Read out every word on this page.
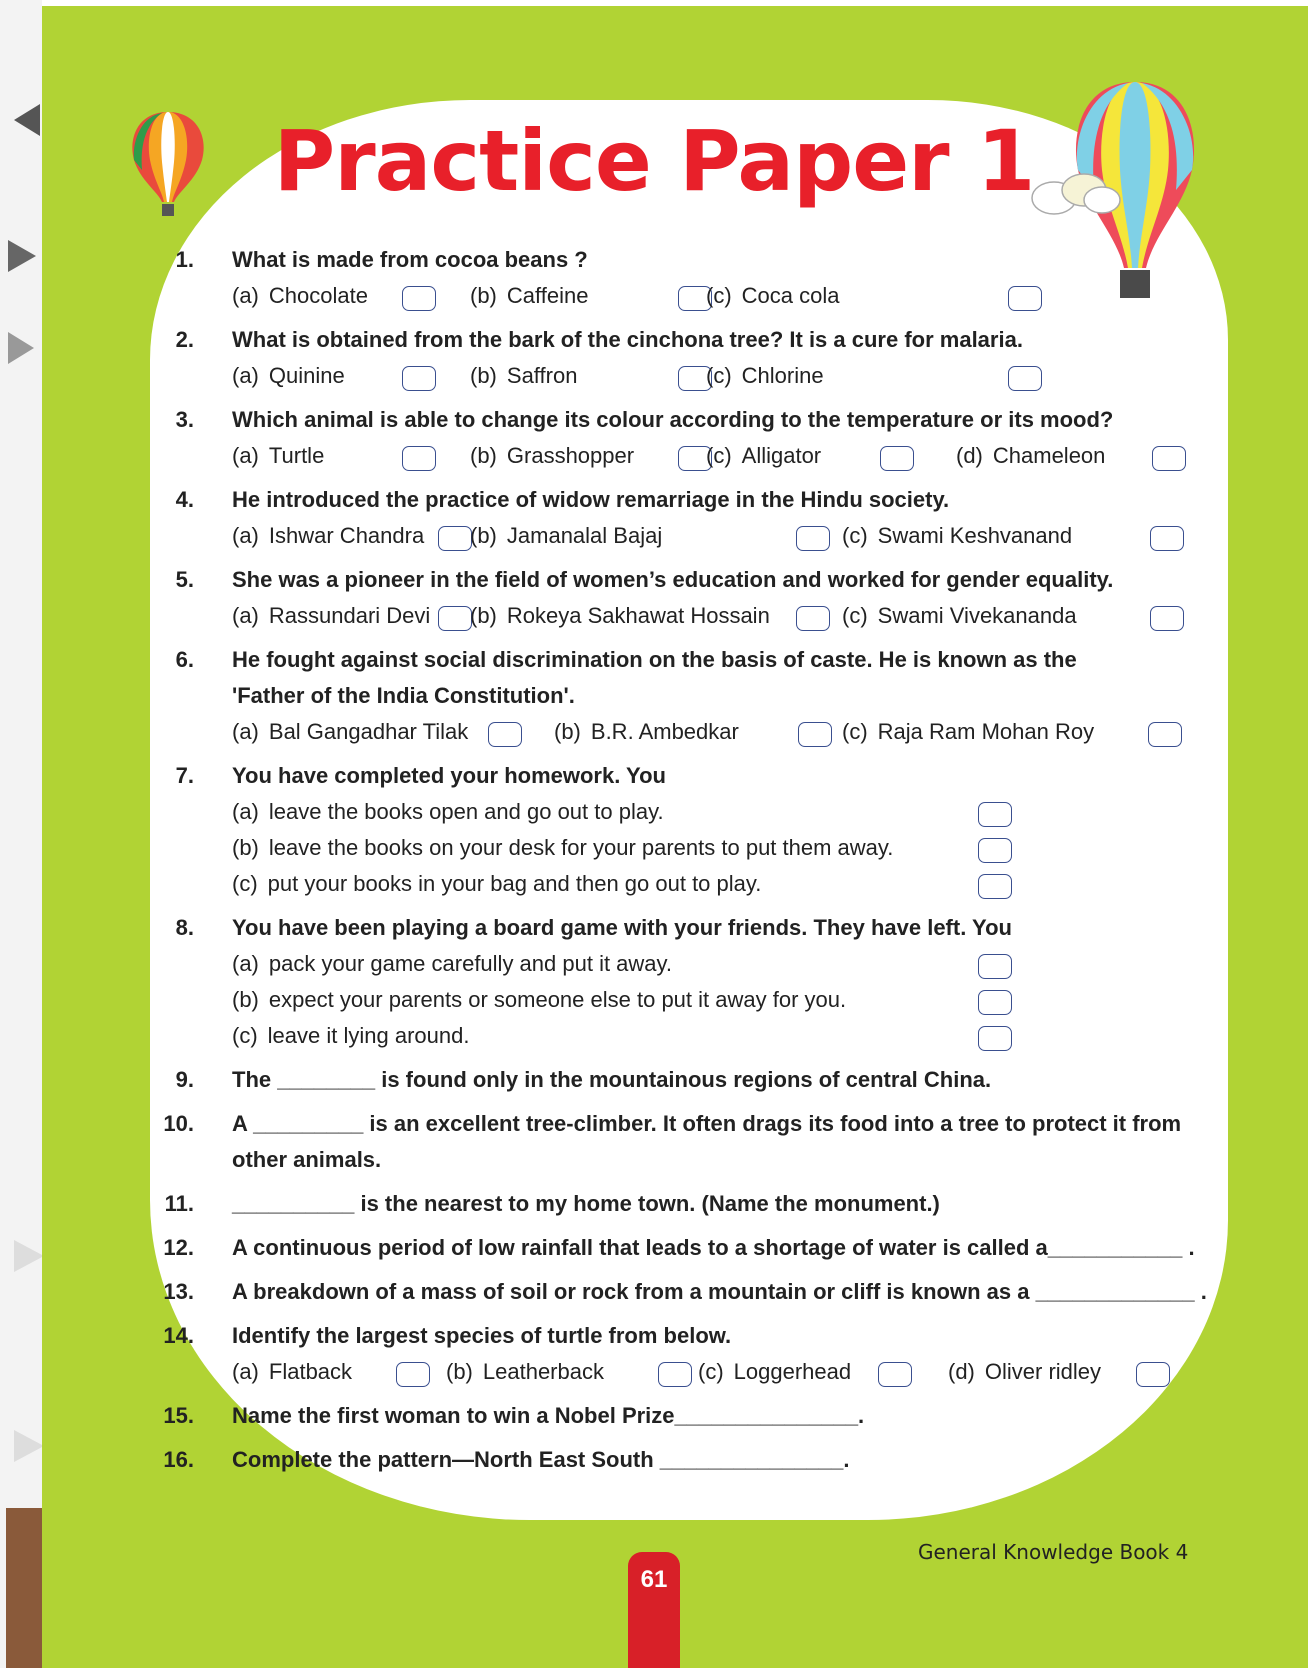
Practice Paper 1
1. What is made from cocoa beans ?
(a) Chocolate	(b) Caffeine	(c) Coca cola
2. What is obtained from the bark of the cinchona tree? It is a cure for malaria.
(a) Quinine	(b) Saffron	(c) Chlorine
3. Which animal is able to change its colour according to the temperature or its mood?
(a) Turtle	(b) Grasshopper	(c) Alligator	(d) Chameleon
4. He introduced the practice of widow remarriage in the Hindu society.
(a) Ishwar Chandra (b) Jamanalal Bajaj	(c) Swami Keshvanand
5. She was a pioneer in the field of women’s education and worked for gender equality.
(a) Rassundari Devi (b) Rokeya Sakhawat Hossain	(c) Swami Vivekananda
6. He fought against social discrimination on the basis of caste. He is known as the
'Father of the India Constitution'.
(a) Bal Gangadhar Tilak	(b) B.R. Ambedkar	(c) Raja Ram Mohan Roy
7. You have completed your homework. You
(a) leave the books open and go out to play.
(b) leave the books on your desk for your parents to put them away.
(c) put your books in your bag and then go out to play.
8. You have been playing a board game with your friends. They have left. You
(a) pack your game carefully and put it away.
(b) expect your parents or someone else to put it away for you.
(c) leave it lying around.
9. The ________ is found only in the mountainous regions of central China.
10. A _________ is an excellent tree-climber. It often drags its food into a tree to protect it from
other animals.
11. __________ is the nearest to my home town. (Name the monument.)
12. A continuous period of low rainfall that leads to a shortage of water is called a___________ .
13. A breakdown of a mass of soil or rock from a mountain or cliff is known as a _____________ .
14. Identify the largest species of turtle from below.
(a) Flatback	(b) Leatherback	(c) Loggerhead	(d) Oliver ridley
15. Name the first woman to win a Nobel Prize_______________.
16. Complete the pattern—North East South _______________.
General Knowledge Book 4
61
